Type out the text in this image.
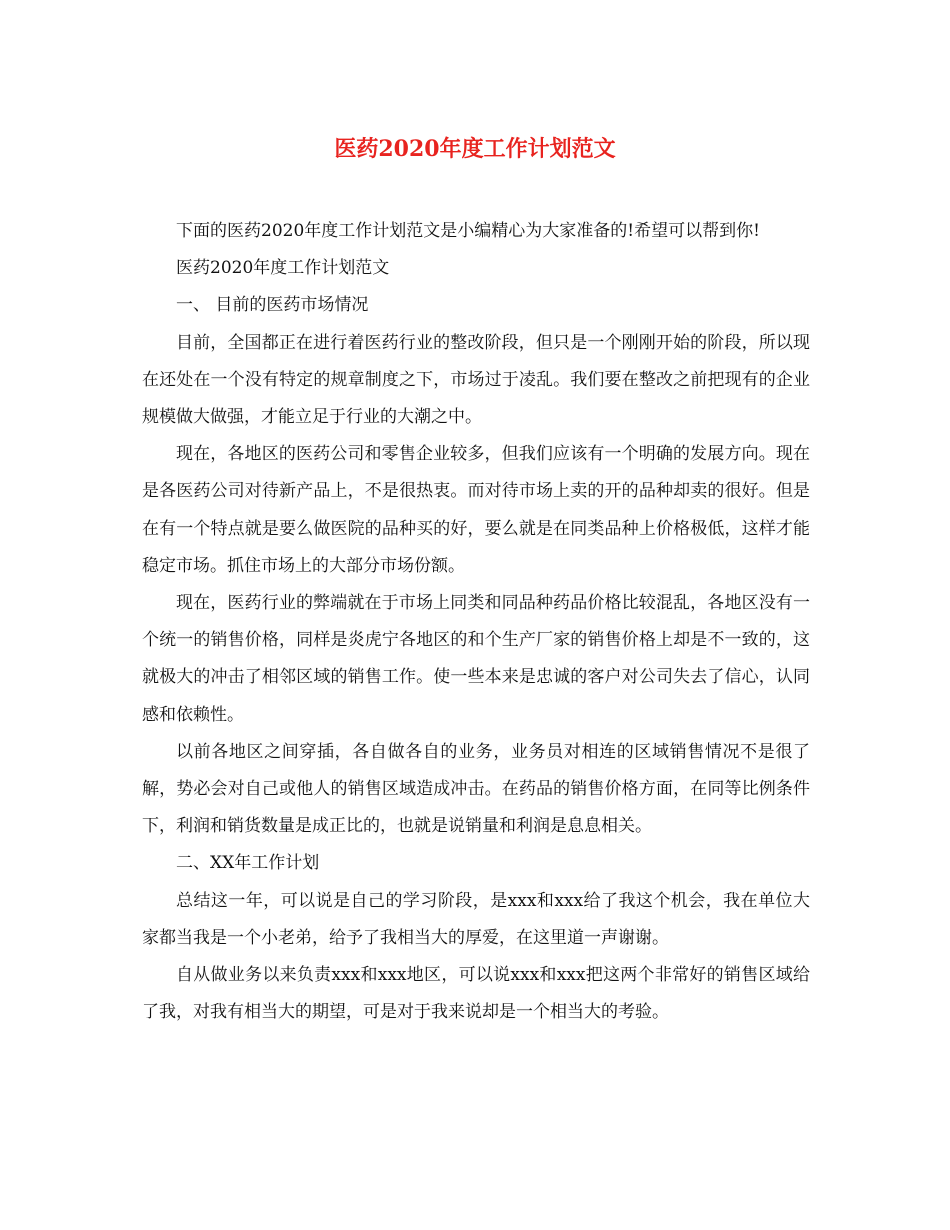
医药2020年度工作计划范文

下面的医药2020年度工作计划范文是小编精心为大家准备的!希望可以帮到你!

医药2020年度工作计划范文

一、 目前的医药市场情况

目前，全国都正在进行着医药行业的整改阶段，但只是一个刚刚开始的阶段，所以现在还处在一个没有特定的规章制度之下，市场过于凌乱。我们要在整改之前把现有的企业规模做大做强，才能立足于行业的大潮之中。

现在，各地区的医药公司和零售企业较多，但我们应该有一个明确的发展方向。现在是各医药公司对待新产品上，不是很热衷。而对待市场上卖的开的品种却卖的很好。但是在有一个特点就是要么做医院的品种买的好，要么就是在同类品种上价格极低，这样才能稳定市场。抓住市场上的大部分市场份额。

现在，医药行业的弊端就在于市场上同类和同品种药品价格比较混乱，各地区没有一个统一的销售价格，同样是炎虎宁各地区的和个生产厂家的销售价格上却是不一致的，这就极大的冲击了相邻区域的销售工作。使一些本来是忠诚的客户对公司失去了信心，认同感和依赖性。

以前各地区之间穿插，各自做各自的业务，业务员对相连的区域销售情况不是很了解，势必会对自己或他人的销售区域造成冲击。在药品的销售价格方面，在同等比例条件下，利润和销货数量是成正比的，也就是说销量和利润是息息相关。

二、XX年工作计划

总结这一年，可以说是自己的学习阶段，是xxx和xxx给了我这个机会，我在单位大家都当我是一个小老弟，给予了我相当大的厚爱，在这里道一声谢谢。

自从做业务以来负责xxx和xxx地区，可以说xxx和xxx把这两个非常好的销售区域给了我，对我有相当大的期望，可是对于我来说却是一个相当大的考验。
